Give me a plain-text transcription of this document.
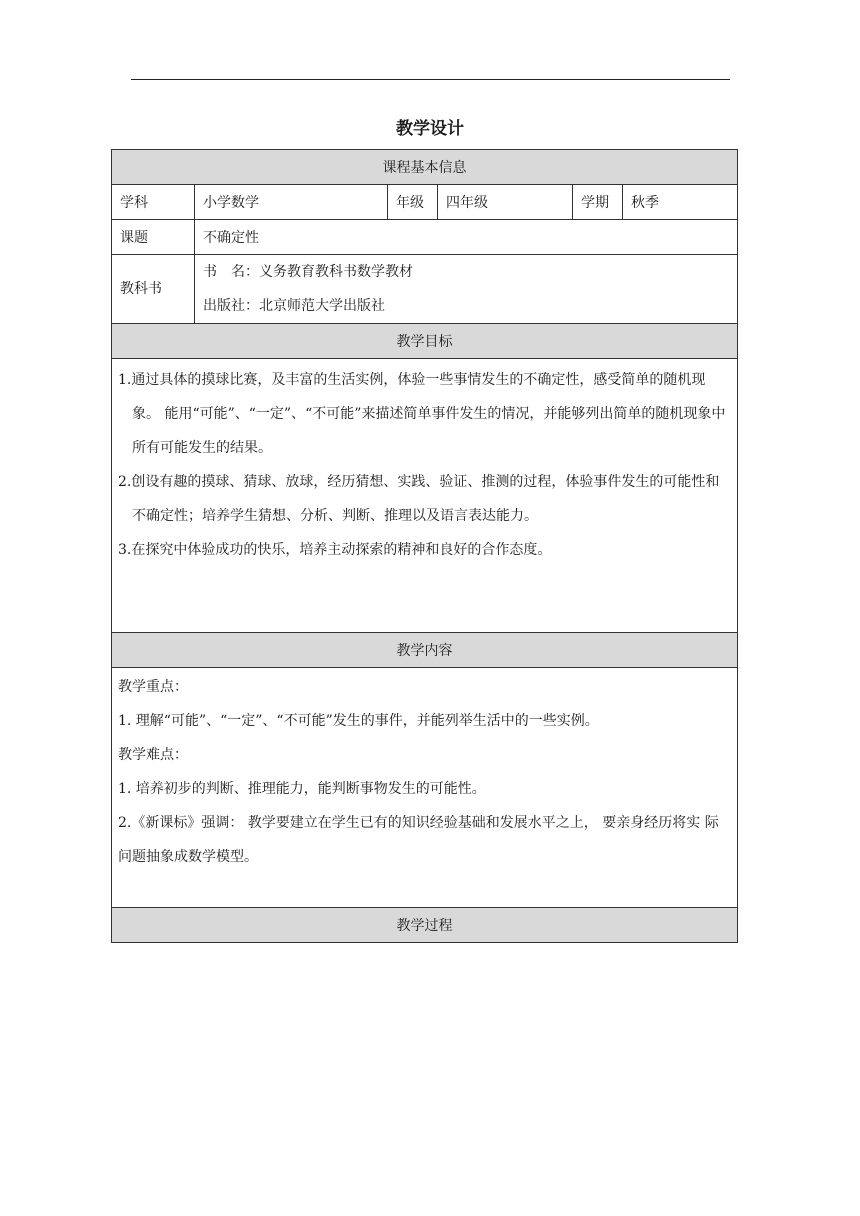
教学设计
课程基本信息					
学科	小学数学	年级	四年级	学期	秋季
课题	不确定性				

教科书	书　名：义务教育教科书数学教材
出版社：北京师范大学出版社				

教学目标					

1.通过具体的摸球比赛，及丰富的生活实例，体验一些事情发生的不确定性，感受简单的随机现象。 能用“可能”、“一定”、“不可能”来描述简单事件发生的情况，并能够列出简单的随机现象中所有可能发生的结果。
2.创设有趣的摸球、猜球、放球，经历猜想、实践、验证、推测的过程，体验事件发生的可能性和不确定性；培养学生猜想、分析、判断、推理以及语言表达能力。
3.在探究中体验成功的快乐，培养主动探索的精神和良好的合作态度。					

教学内容					

教学重点：
1. 理解“可能”、“一定”、“不可能”发生的事件，并能列举生活中的一些实例。
教学难点：
1. 培养初步的判断、推理能力，能判断事物发生的可能性。
2.《新课标》强调： 教学要建立在学生已有的知识经验基础和发展水平之上， 要亲身经历将实 际问题抽象成数学模型。					

教学过程					
